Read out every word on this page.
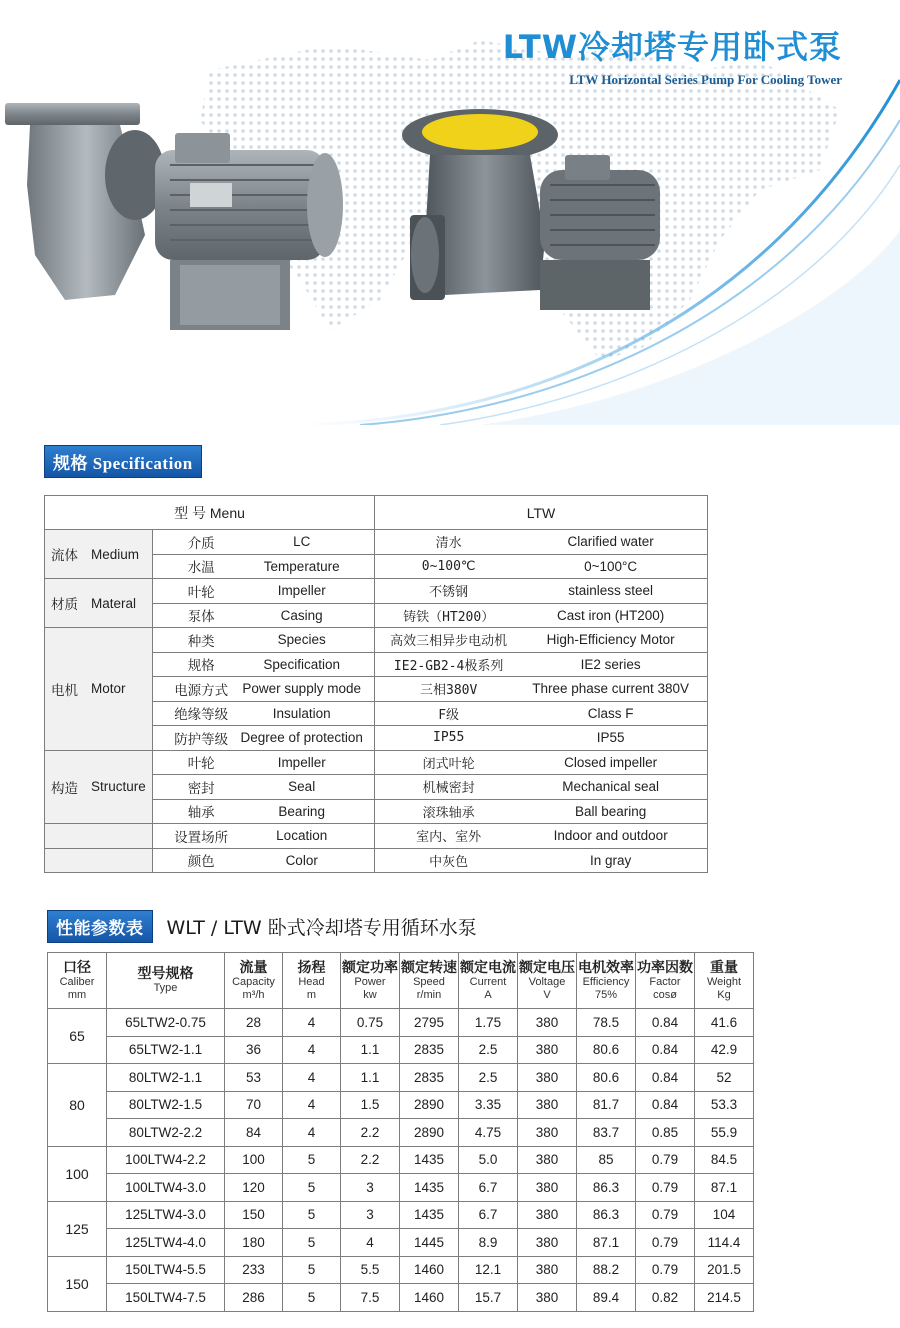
LTW冷却塔专用卧式泵
LTW Horizontal Series Pump For Cooling Tower
规格 Specification
型 号 Menu		LTW

流体 Medium	介质 LC	清水 Clarified water

	水温 Temperature	0~100℃ 0~100°C

材质 Materal	叶轮 Impeller	不锈钢 stainless steel

	泵体 Casing	铸铁（HT200） Cast iron (HT200)

电机 Motor	种类 Species	高效三相异步电动机 High-Efficiency Motor

	规格 Specification	IE2-GB2-4极系列 IE2 series

	电源方式 Power supply mode	三相380V Three phase current 380V

	绝缘等级 Insulation	F级 Class F

	防护等级 Degree of protection	IP55 IP55

构造 Structure	叶轮 Impeller	闭式叶轮 Closed impeller

	密封 Seal	机械密封 Mechanical seal

	轴承 Bearing	滚珠轴承 Ball bearing

	设置场所 Location	室内、室外 Indoor and outdoor

	颜色 Color	中灰色 In gray
性能参数表	WLT / LTW 卧式冷却塔专用循环水泵
口径
Caliber
mm	型号规格
Type	流量
Capacity
m³/h	扬程
Head
m	额定功率
Power
kw	额定转速
Speed
r/min	额定电流
Current
A	额定电压
Voltage
V	电机效率
Efficiency
75%	功率因数
Factor
cosø	重量
Weight
Kg

65	65LTW2-0.75	28	4	0.75	2795	1.75	380	78.5	0.84	41.6
	65LTW2-1.1	36	4	1.1	2835	2.5	380	80.6	0.84	42.9
80	80LTW2-1.1	53	4	1.1	2835	2.5	380	80.6	0.84	52
	80LTW2-1.5	70	4	1.5	2890	3.35	380	81.7	0.84	53.3
	80LTW2-2.2	84	4	2.2	2890	4.75	380	83.7	0.85	55.9
100	100LTW4-2.2	100	5	2.2	1435	5.0	380	85	0.79	84.5
	100LTW4-3.0	120	5	3	1435	6.7	380	86.3	0.79	87.1
125	125LTW4-3.0	150	5	3	1435	6.7	380	86.3	0.79	104
	125LTW4-4.0	180	5	4	1445	8.9	380	87.1	0.79	114.4
150	150LTW4-5.5	233	5	5.5	1460	12.1	380	88.2	0.79	201.5
	150LTW4-7.5	286	5	7.5	1460	15.7	380	89.4	0.82	214.5
